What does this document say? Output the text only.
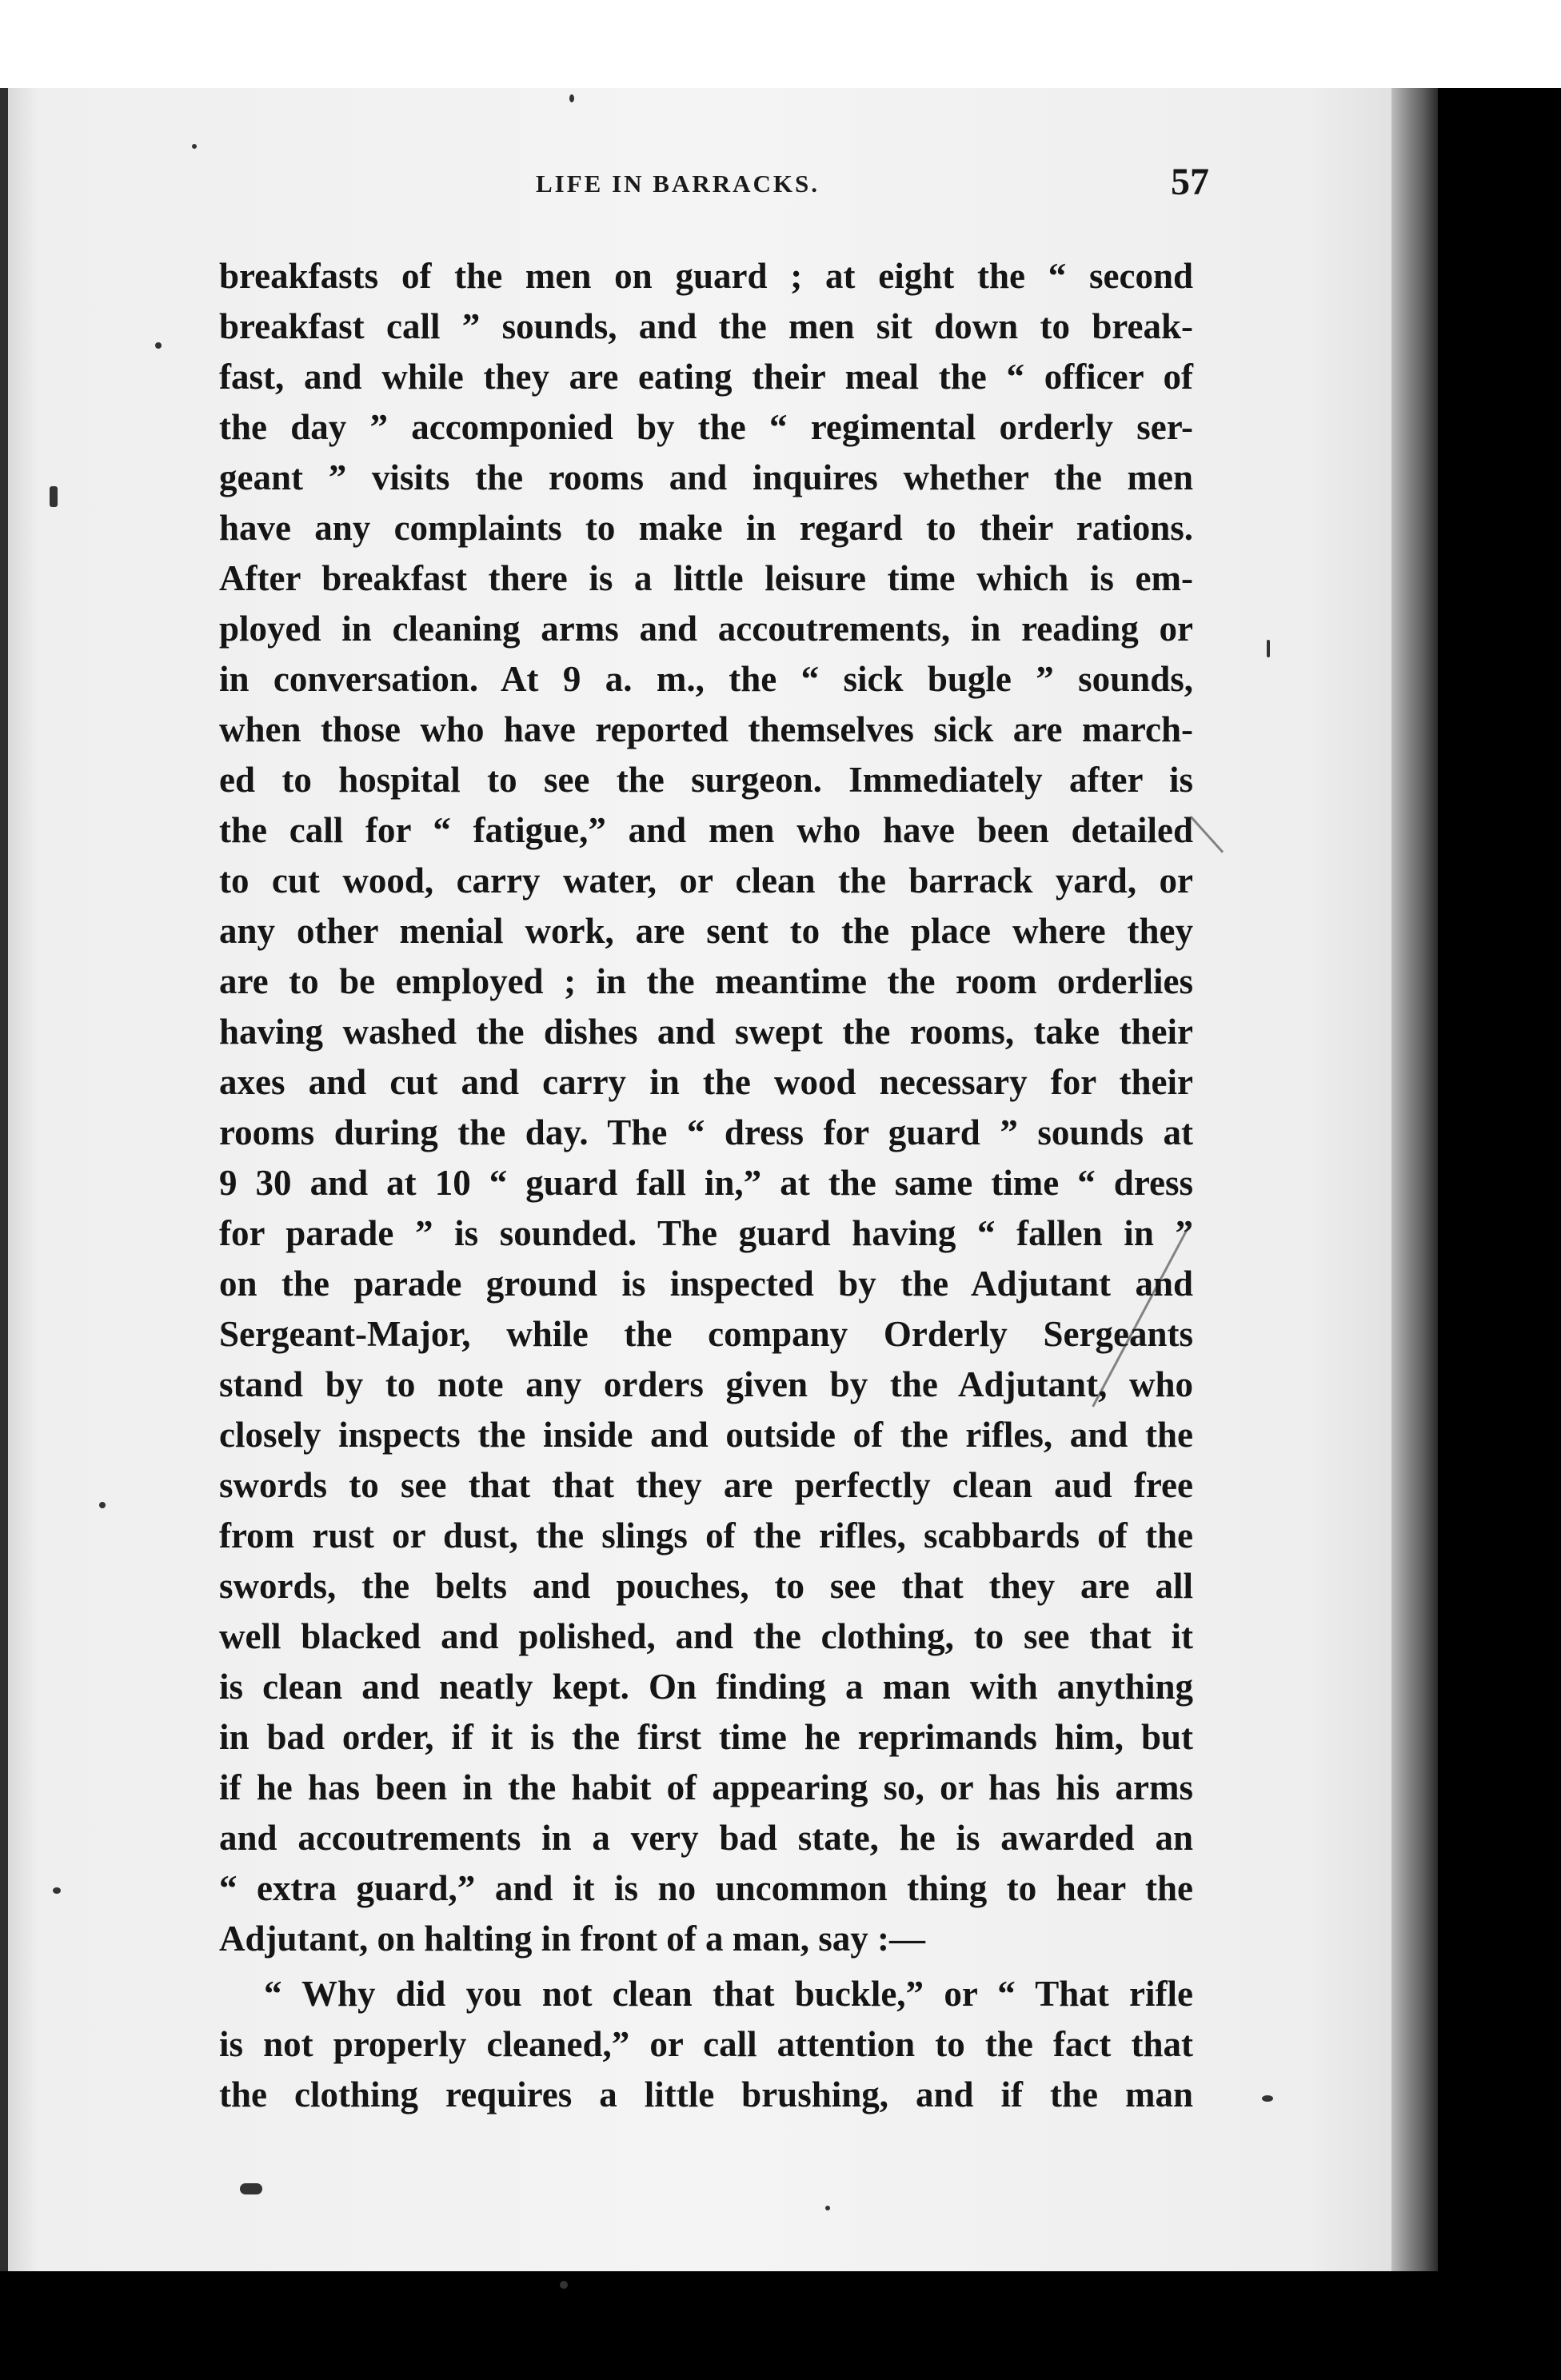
LIFE IN BARRACKS.	57
breakfasts of the men on guard ; at eight the “ second
breakfast call ” sounds, and the men sit down to break-
fast, and while they are eating their meal the “ officer of
the day ” accomponied by the “ regimental orderly ser-
geant ” visits the rooms and inquires whether the men
have any complaints to make in regard to their rations.
After breakfast there is a little leisure time which is em-
ployed in cleaning arms and accoutrements, in reading or
in conversation. At 9 a. m., the “ sick bugle ” sounds,
when those who have reported themselves sick are march-
ed to hospital to see the surgeon. Immediately after is
the call for “ fatigue,” and men who have been detailed
to cut wood, carry water, or clean the barrack yard, or
any other menial work, are sent to the place where they
are to be employed ; in the meantime the room orderlies
having washed the dishes and swept the rooms, take their
axes and cut and carry in the wood necessary for their
rooms during the day. The “ dress for guard ” sounds at
9 30 and at 10 “ guard fall in,” at the same time “ dress
for parade ” is sounded. The guard having “ fallen in ”
on the parade ground is inspected by the Adjutant and
Sergeant-Major, while the company Orderly Sergeants
stand by to note any orders given by the Adjutant, who
closely inspects the inside and outside of the rifles, and the
swords to see that that they are perfectly clean aud free
from rust or dust, the slings of the rifles, scabbards of the
swords, the belts and pouches, to see that they are all
well blacked and polished, and the clothing, to see that it
is clean and neatly kept. On finding a man with anything
in bad order, if it is the first time he reprimands him, but
if he has been in the habit of appearing so, or has his arms
and accoutrements in a very bad state, he is awarded an
“ extra guard,” and it is no uncommon thing to hear the
Adjutant, on halting in front of a man, say :—
“ Why did you not clean that buckle,” or “ That rifle
is not properly cleaned,” or call attention to the fact that
the clothing requires a little brushing, and if the man
